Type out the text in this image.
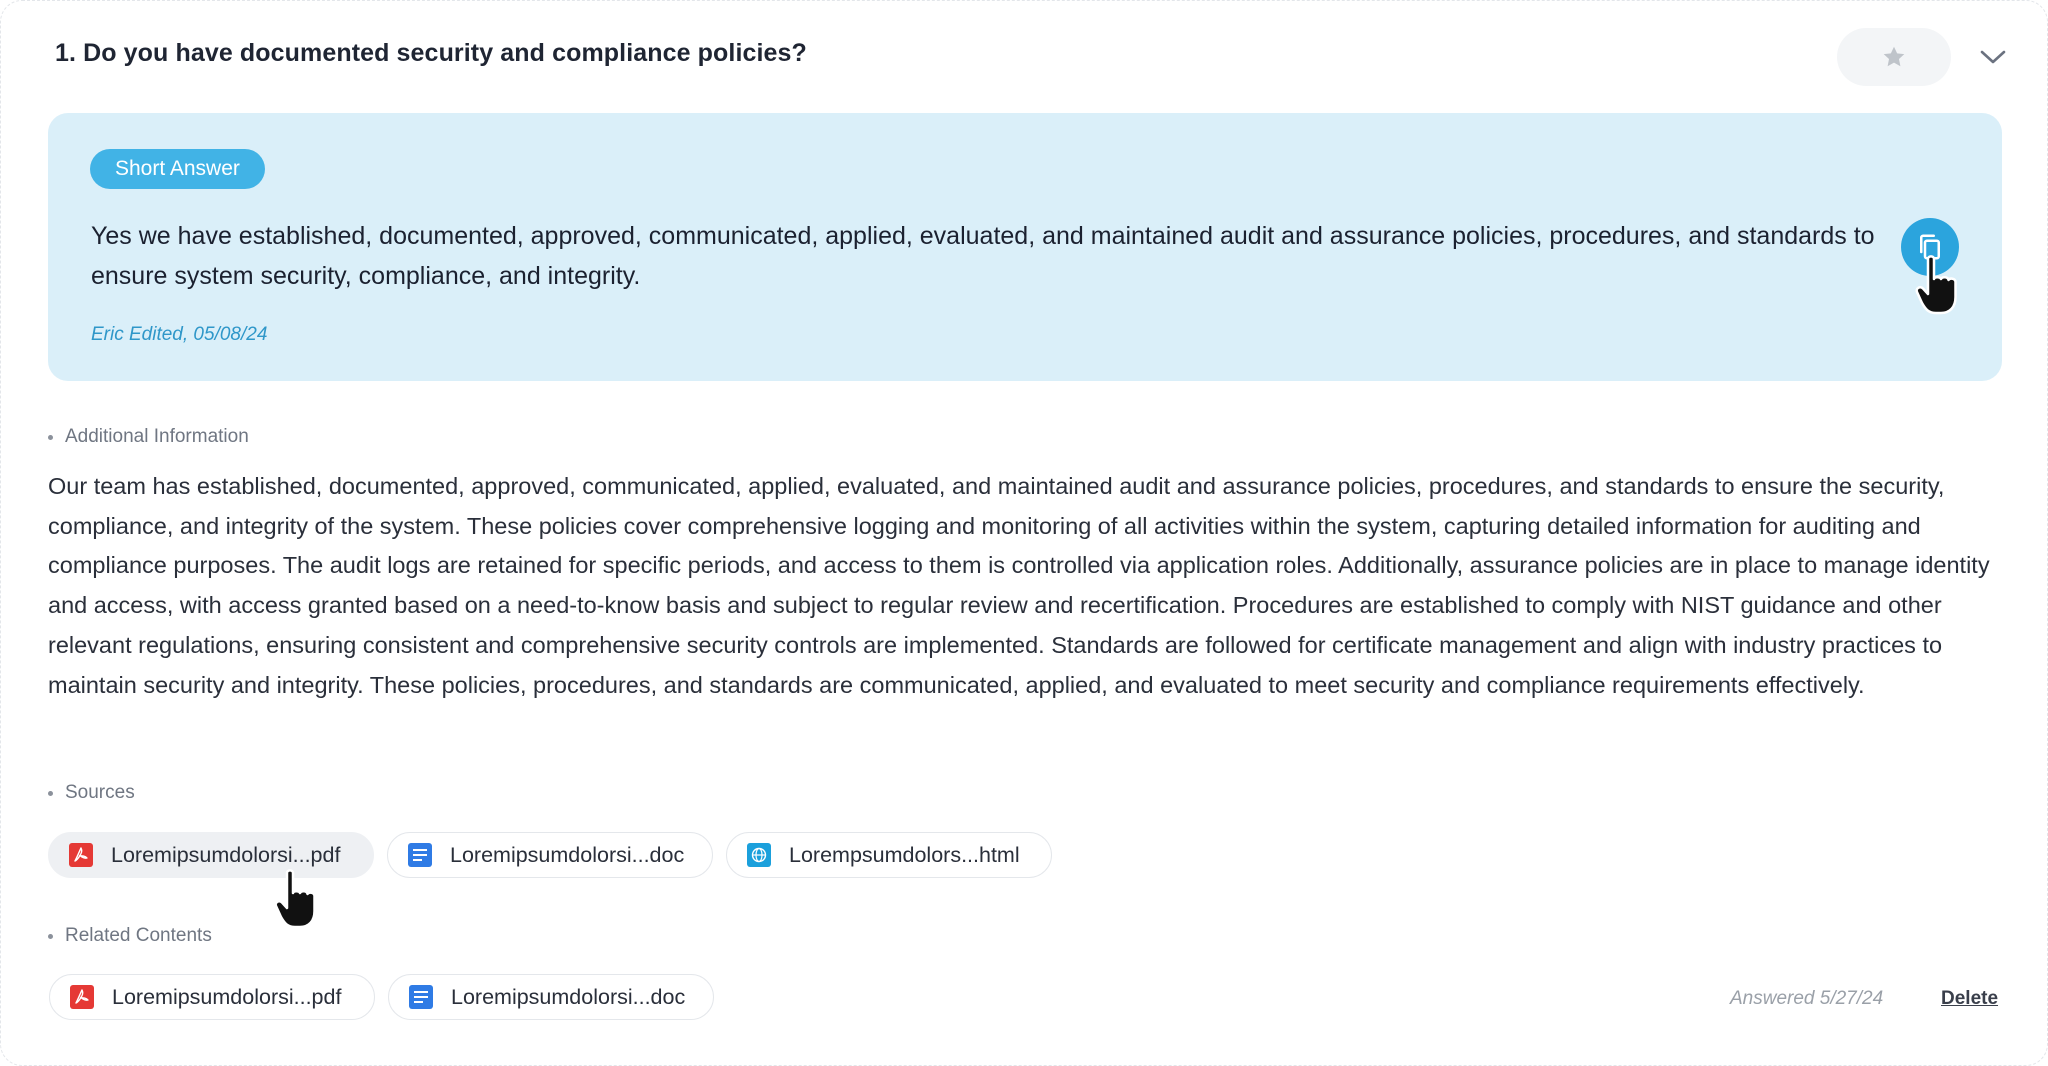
1. Do you have documented security and compliance policies?
Short Answer
Yes we have established, documented, approved, communicated, applied, evaluated, and maintained audit and assurance policies, procedures, and standards to ensure system security, compliance, and integrity.
Eric Edited, 05/08/24
Additional Information
Our team has established, documented, approved, communicated, applied, evaluated, and maintained audit and assurance policies, procedures, and standards to ensure the security, compliance, and integrity of the system. These policies cover comprehensive logging and monitoring of all activities within the system, capturing detailed information for auditing and compliance purposes. The audit logs are retained for specific periods, and access to them is controlled via application roles. Additionally, assurance policies are in place to manage identity and access, with access granted based on a need-to-know basis and subject to regular review and recertification. Procedures are established to comply with NIST guidance and other relevant regulations, ensuring consistent and comprehensive security controls are implemented. Standards are followed for certificate management and align with industry practices to maintain security and integrity. These policies, procedures, and standards are communicated, applied, and evaluated to meet security and compliance requirements effectively.
Sources
Loremipsumdolorsi...pdf	Loremipsumdolorsi...doc	Lorempsumdolors...html
Related Contents
Loremipsumdolorsi...pdf	Loremipsumdolorsi...doc	Answered 5/27/24	Delete
